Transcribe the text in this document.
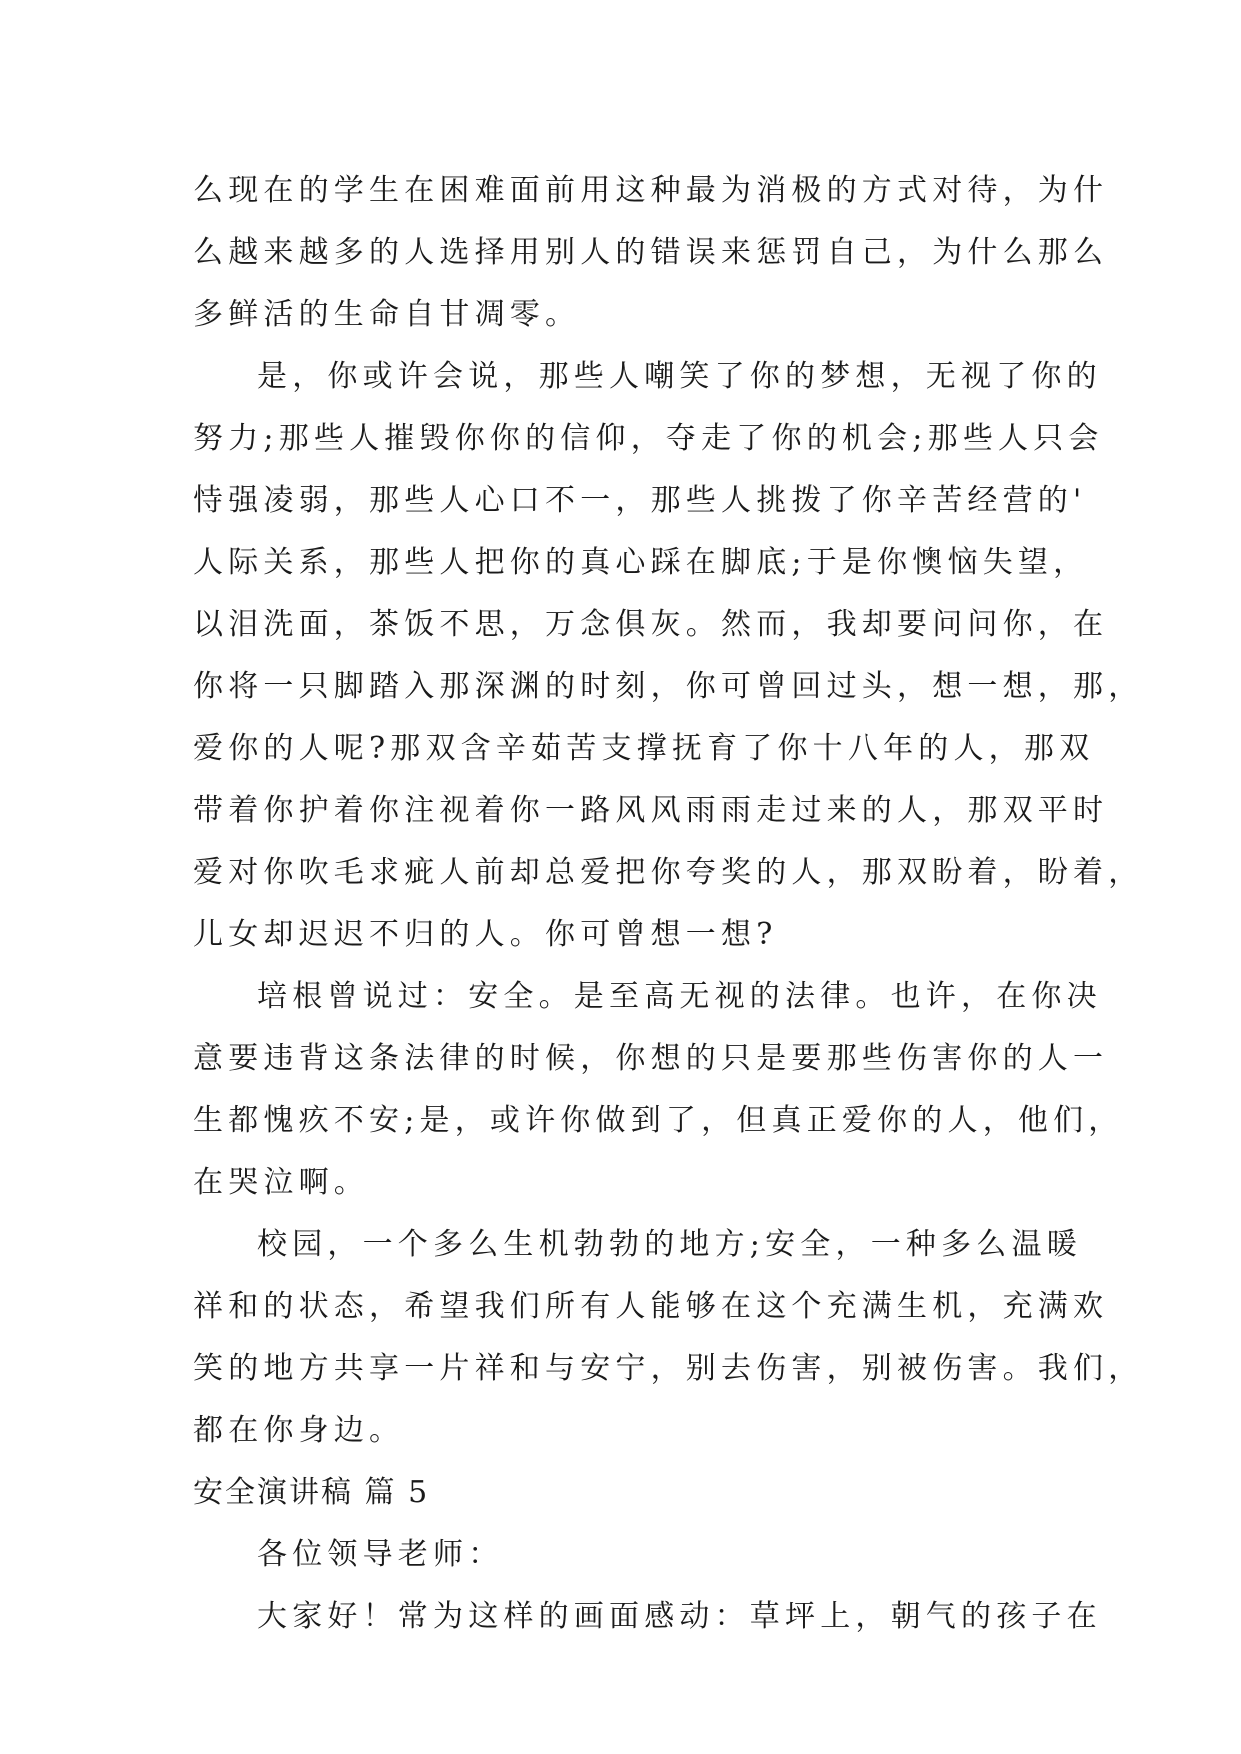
么现在的学生在困难面前用这种最为消极的方式对待，为什
么越来越多的人选择用别人的错误来惩罚自己，为什么那么
多鲜活的生命自甘凋零。
是，你或许会说，那些人嘲笑了你的梦想，无视了你的
努力;那些人摧毁你你的信仰，夺走了你的机会;那些人只会
恃强凌弱，那些人心口不一，那些人挑拨了你辛苦经营的'
人际关系，那些人把你的真心踩在脚底;于是你懊恼失望，
以泪洗面，茶饭不思，万念俱灰。然而，我却要问问你，在
你将一只脚踏入那深渊的时刻，你可曾回过头，想一想，那，
爱你的人呢?那双含辛茹苦支撑抚育了你十八年的人，那双
带着你护着你注视着你一路风风雨雨走过来的人，那双平时
爱对你吹毛求疵人前却总爱把你夸奖的人，那双盼着，盼着，
儿女却迟迟不归的人。你可曾想一想?
培根曾说过：安全。是至高无视的法律。也许，在你决
意要违背这条法律的时候，你想的只是要那些伤害你的人一
生都愧疚不安;是，或许你做到了，但真正爱你的人，他们，
在哭泣啊。
校园，一个多么生机勃勃的地方;安全，一种多么温暖
祥和的状态，希望我们所有人能够在这个充满生机，充满欢
笑的地方共享一片祥和与安宁，别去伤害，别被伤害。我们，
都在你身边。
安全演讲稿 篇 5
各位领导老师：
大家好！常为这样的画面感动：草坪上，朝气的孩子在
